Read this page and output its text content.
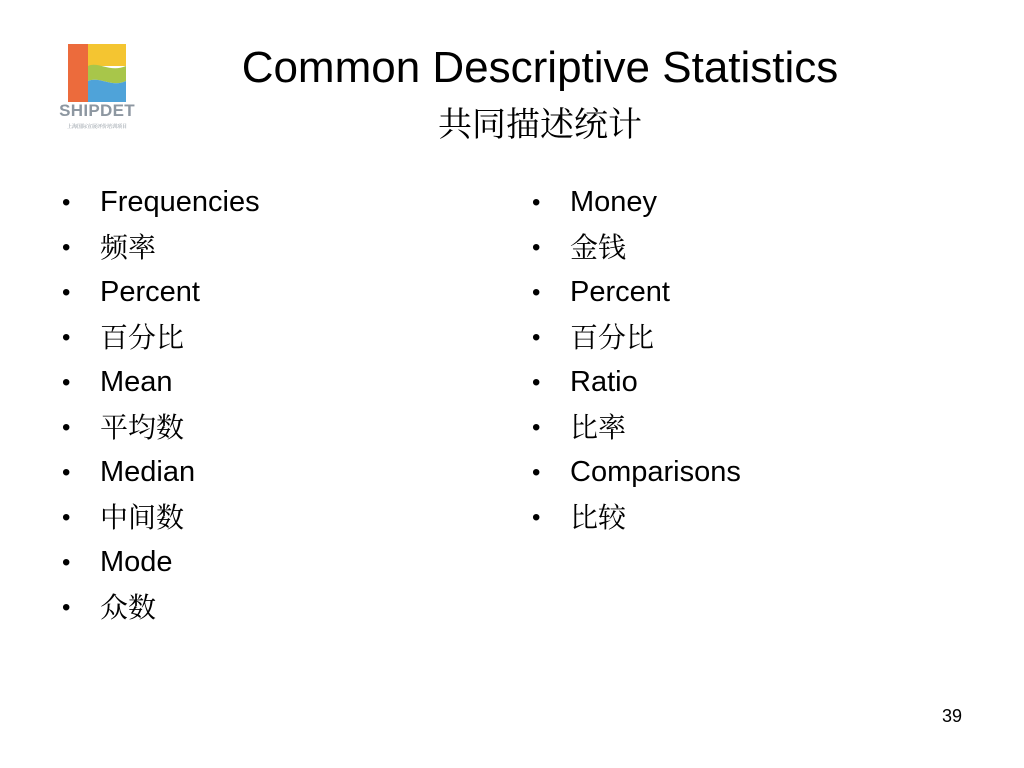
SHIPDET
上海国际宣展评价培训项目
Common Descriptive Statistics
共同描述统计
•	Frequencies
•	频率
•	Percent
•	百分比
•	Mean
•	平均数
•	Median
•	中间数
•	Mode
•	众数
•	Money
•	金钱
•	Percent
•	百分比
•	Ratio
•	比率
•	Comparisons
•	比较
39
